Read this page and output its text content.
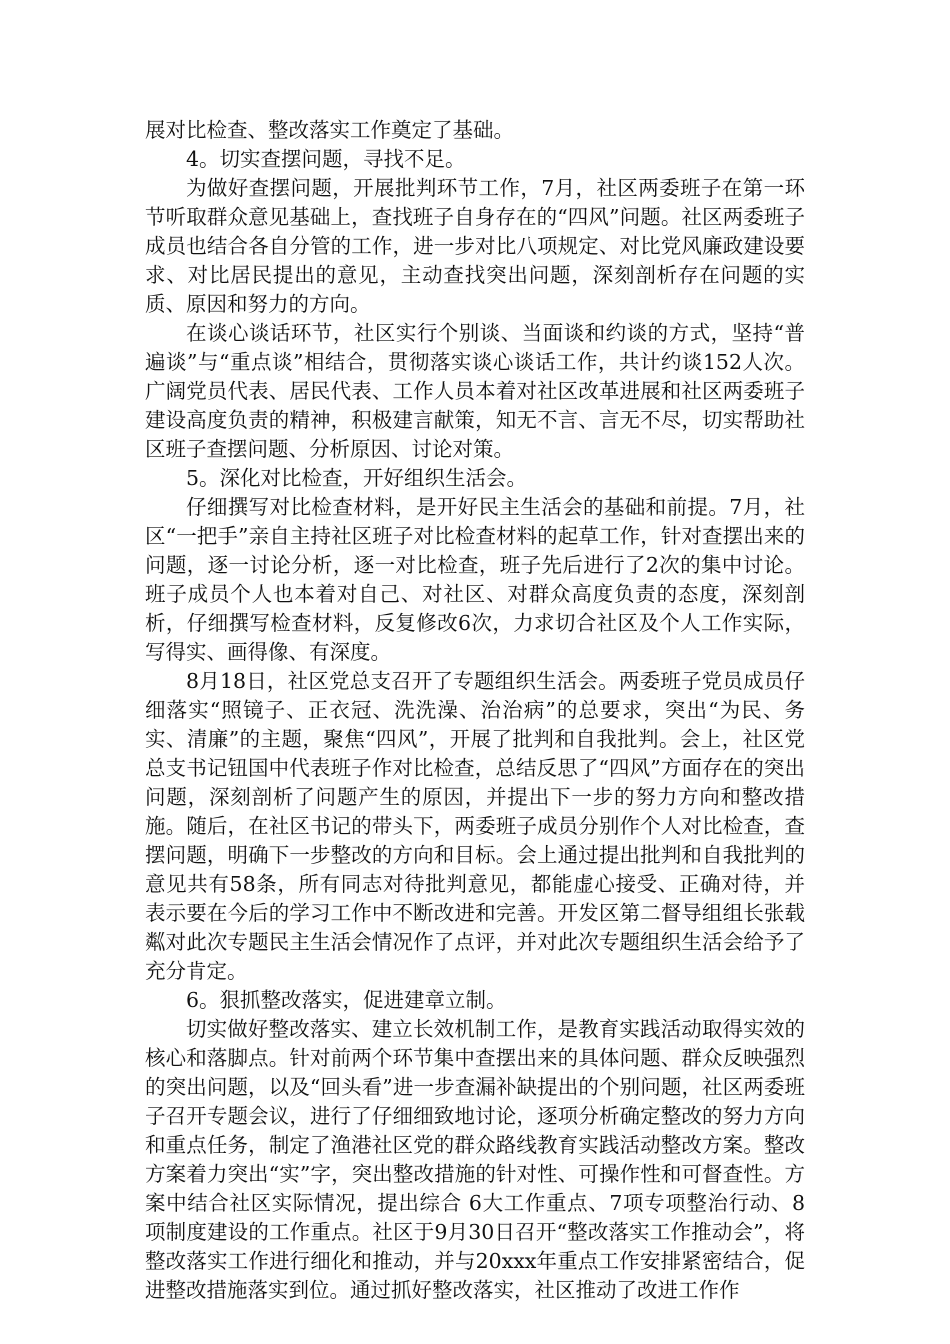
展对比检查、整改落实工作奠定了基础。

4。切实查摆问题，寻找不足。

为做好查摆问题，开展批判环节工作，7月，社区两委班子在第一环节听取群众意见基础上，查找班子自身存在的“四风”问题。社区两委班子成员也结合各自分管的工作，进一步对比八项规定、对比党风廉政建设要求、对比居民提出的意见，主动查找突出问题，深刻剖析存在问题的实质、原因和努力的方向。

在谈心谈话环节，社区实行个别谈、当面谈和约谈的方式，坚持“普遍谈”与“重点谈”相结合，贯彻落实谈心谈话工作，共计约谈152人次。广阔党员代表、居民代表、工作人员本着对社区改革进展和社区两委班子建设高度负责的精神，积极建言献策，知无不言、言无不尽，切实帮助社区班子查摆问题、分析原因、讨论对策。

5。深化对比检查，开好组织生活会。

仔细撰写对比检查材料，是开好民主生活会的基础和前提。7月，社区“一把手”亲自主持社区班子对比检查材料的起草工作，针对查摆出来的问题，逐一讨论分析，逐一对比检查，班子先后进行了2次的集中讨论。班子成员个人也本着对自己、对社区、对群众高度负责的态度，深刻剖析，仔细撰写检查材料，反复修改6次，力求切合社区及个人工作实际，写得实、画得像、有深度。

8月18日，社区党总支召开了专题组织生活会。两委班子党员成员仔细落实“照镜子、正衣冠、洗洗澡、治治病”的总要求，突出“为民、务实、清廉”的主题，聚焦“四风”，开展了批判和自我批判。会上，社区党总支书记钮国中代表班子作对比检查，总结反思了“四风”方面存在的突出问题，深刻剖析了问题产生的原因，并提出下一步的努力方向和整改措施。随后，在社区书记的带头下，两委班子成员分别作个人对比检查，查摆问题，明确下一步整改的方向和目标。会上通过提出批判和自我批判的意见共有58条，所有同志对待批判意见，都能虚心接受、正确对待，并表示要在今后的学习工作中不断改进和完善。开发区第二督导组组长张载粼对此次专题民主生活会情况作了点评，并对此次专题组织生活会给予了充分肯定。

6。狠抓整改落实，促进建章立制。

切实做好整改落实、建立长效机制工作，是教育实践活动取得实效的核心和落脚点。针对前两个环节集中查摆出来的具体问题、群众反映强烈的突出问题，以及“回头看”进一步查漏补缺提出的个别问题，社区两委班子召开专题会议，进行了仔细细致地讨论，逐项分析确定整改的努力方向和重点任务，制定了渔港社区党的群众路线教育实践活动整改方案。整改方案着力突出“实”字，突出整改措施的针对性、可操作性和可督查性。方案中结合社区实际情况，提出综合 6大工作重点、7项专项整治行动、8项制度建设的工作重点。社区于9月30日召开“整改落实工作推动会”，将整改落实工作进行细化和推动，并与20xxx年重点工作安排紧密结合，促进整改措施落实到位。通过抓好整改落实，社区推动了改进工作作
